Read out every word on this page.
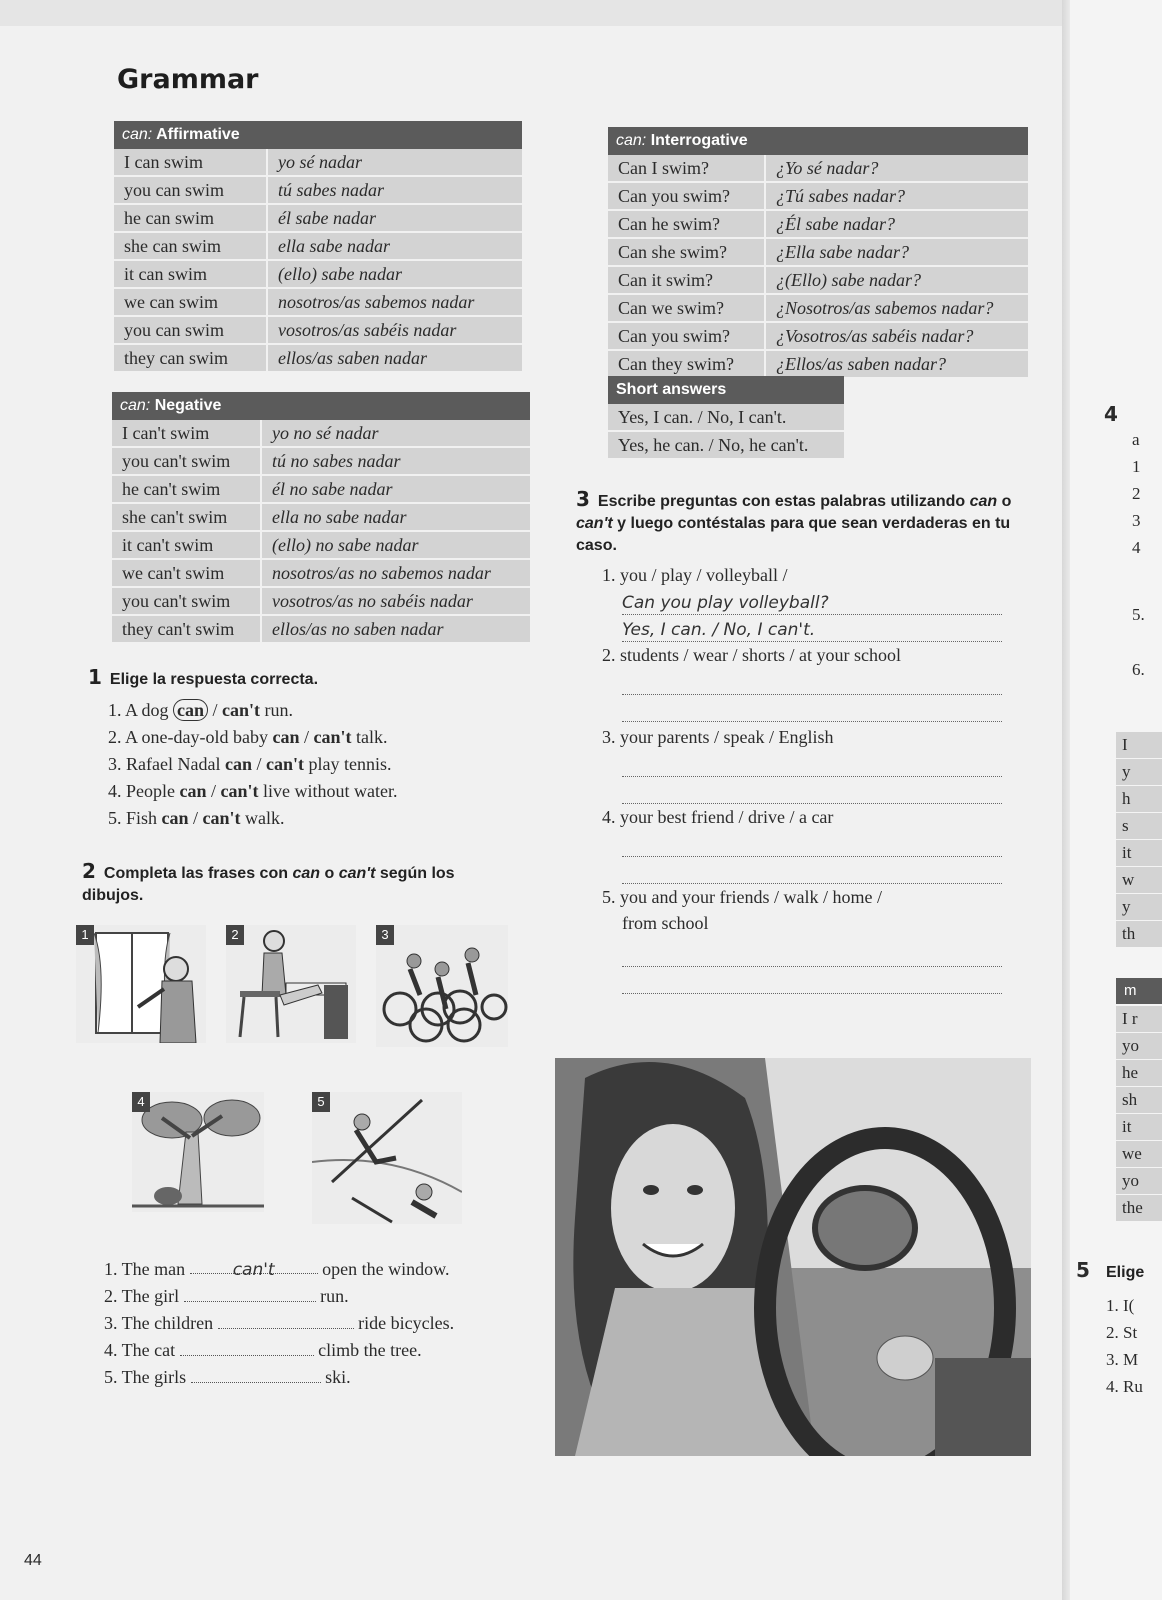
Grammar
can: Affirmative	
I can swim	yo sé nadar
you can swim	tú sabes nadar
he can swim	él sabe nadar
she can swim	ella sabe nadar
it can swim	(ello) sabe nadar
we can swim	nosotros/as sabemos nadar
you can swim	vosotros/as sabéis nadar
they can swim	ellos/as saben nadar
can: Negative	
I can't swim	yo no sé nadar
you can't swim	tú no sabes nadar
he can't swim	él no sabe nadar
she can't swim	ella no sabe nadar
it can't swim	(ello) no sabe nadar
we can't swim	nosotros/as no sabemos nadar
you can't swim	vosotros/as no sabéis nadar
they can't swim	ellos/as no saben nadar
can: Interrogative	
Can I swim?	¿Yo sé nadar?
Can you swim?	¿Tú sabes nadar?
Can he swim?	¿Él sabe nadar?
Can she swim?	¿Ella sabe nadar?
Can it swim?	¿(Ello) sabe nadar?
Can we swim?	¿Nosotros/as sabemos nadar?
Can you swim?	¿Vosotros/as sabéis nadar?
Can they swim?	¿Ellos/as saben nadar?
Short answers
Yes, I can. / No, I can't.
Yes, he can. / No, he can't.
1 Elige la respuesta correcta.
1. A dog can / can't run.
2. A one-day-old baby can / can't talk.
3. Rafael Nadal can / can't play tennis.
4. People can / can't live without water.
5. Fish can / can't walk.
2 Completa las frases con can o can't según los dibujos.
1	2	3
4	5
1. The man	can't	open the window.
2. The girl	run.
3. The children	ride bicycles.
4. The cat	climb the tree.
5. The girls	ski.
3 Escribe preguntas con estas palabras utilizando can o can't y luego contéstalas para que sean verdaderas en tu caso.
1. you / play / volleyball /
Can you play volleyball?
Yes, I can. / No, I can't.
2. students / wear / shorts / at your school
3. your parents / speak / English
4. your best friend / drive / a car
5. you and your friends / walk / home /
from school
44
4
a
1
2
3
4
5.
6.
I
y
h
s
it
w
y
th
m
I r
yo
he
sh
it
we
yo
the
5 Elige
1. I(
2. St
3. M
4. Ru
